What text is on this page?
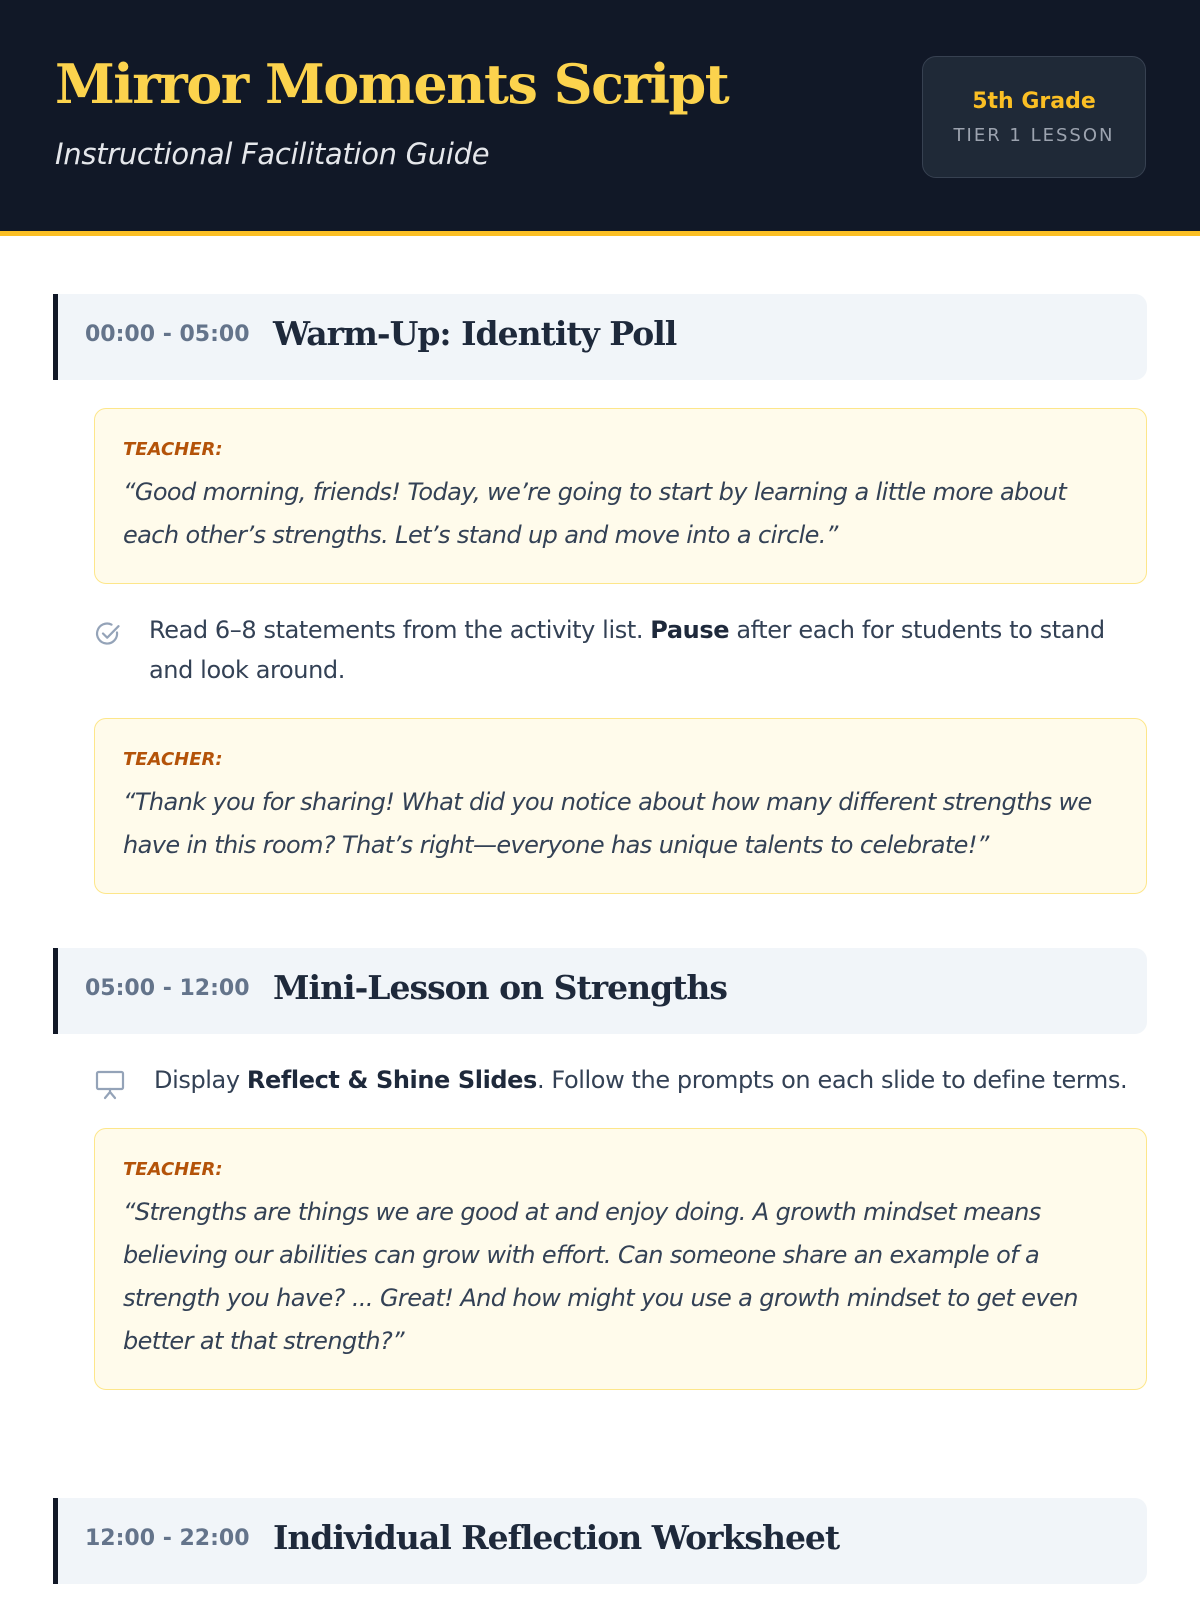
Mirror Moments Script
Instructional Facilitation Guide
5th Grade
TIER 1 LESSON
00:00 - 05:00 Warm-Up: Identity Poll
TEACHER:

“Good morning, friends! Today, we’re going to start by learning a little more about each other’s strengths. Let’s stand up and move into a circle.”

Read 6–8 statements from the activity list. Pause after each for students to stand and look around.

TEACHER:

“Thank you for sharing! What did you notice about how many different strengths we have in this room? That’s right—everyone has unique talents to celebrate!”

05:00 - 12:00 Mini-Lesson on Strengths

Display Reflect & Shine Slides. Follow the prompts on each slide to define terms.

TEACHER:

“Strengths are things we are good at and enjoy doing. A growth mindset means believing our abilities can grow with effort. Can someone share an example of a strength you have? ... Great! And how might you use a growth mindset to get even better at that strength?”

12:00 - 22:00 Individual Reflection Worksheet
